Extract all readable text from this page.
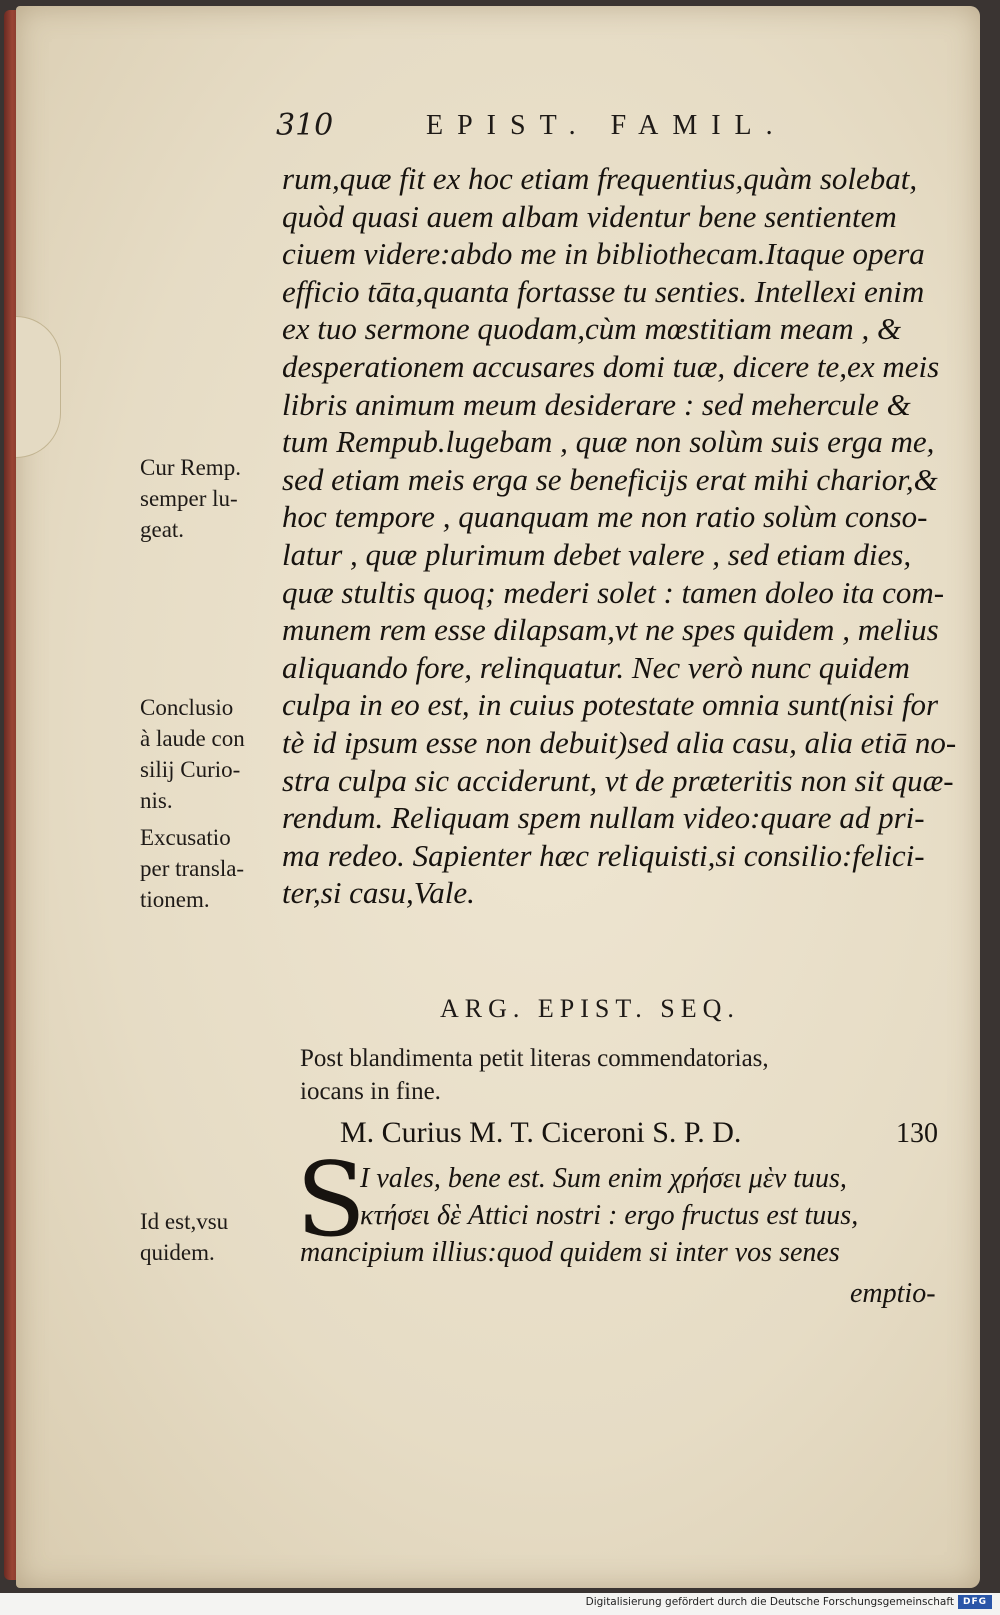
310	EPIST. FAMIL.
rum,quæ fit ex hoc etiam frequentius,quàm solebat,
quòd quasi auem albam videntur bene sentientem
ciuem videre:abdo me in bibliothecam.Itaque opera
efficio tāta,quanta fortasse tu senties. Intellexi enim
ex tuo sermone quodam,cùm mœstitiam meam , &
desperationem accusares domi tuæ, dicere te,ex meis
libris animum meum desiderare : sed mehercule &
tum Rempub.lugebam , quæ non solùm suis erga me,
sed etiam meis erga se beneficijs erat mihi charior,&
hoc tempore , quanquam me non ratio solùm conso-
latur , quæ plurimum debet valere , sed etiam dies,
quæ stultis quoq; mederi solet : tamen doleo ita com-
munem rem esse dilapsam,vt ne spes quidem , melius
aliquando fore, relinquatur. Nec verò nunc quidem
culpa in eo est, in cuius potestate omnia sunt(nisi for
tè id ipsum esse non debuit)sed alia casu, alia etiā no-
stra culpa sic acciderunt, vt de præteritis non sit quæ-
rendum. Reliquam spem nullam video:quare ad pri-
ma redeo. Sapienter hæc reliquisti,si consilio:felici-
ter,si casu,Vale.
Cur Remp.
semper lu-
geat.
Conclusio
à laude con
silij Curio-
nis.
Excusatio
per transla-
tionem.
Id est,vsu
quidem.
ARG. EPIST. SEQ.
Post blandimenta petit literas commendatorias,
iocans in fine.
M. Curius M. T. Ciceroni S. P. D.	130
S
I vales, bene est. Sum enim χρήσει μὲν tuus,
κτήσει δὲ Attici nostri : ergo fructus est tuus,
mancipium illius:quod quidem si inter vos senes
emptio-
Digitalisierung gefördert durch die Deutsche Forschungsgemeinschaft DFG
